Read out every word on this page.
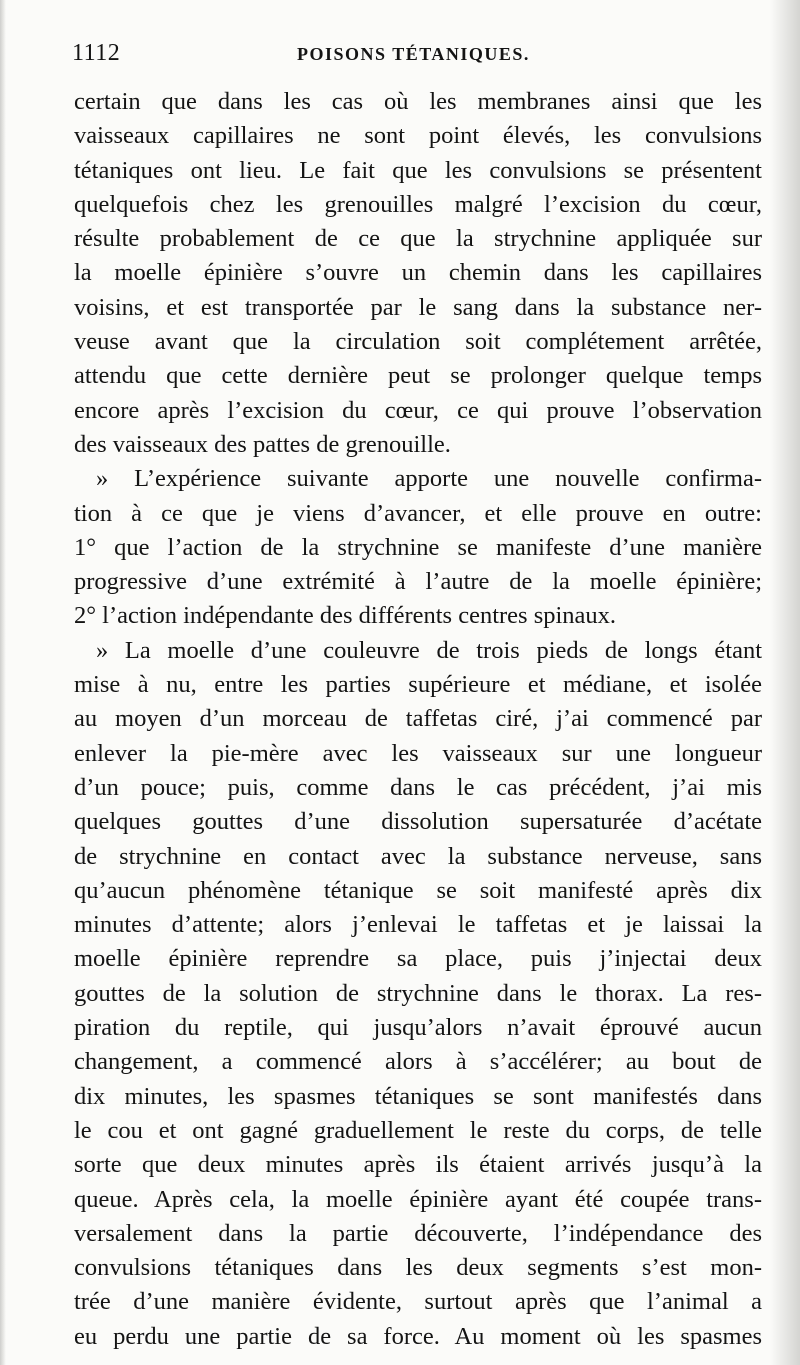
1112	POISONS TÉTANIQUES.
certain que dans les cas où les membranes ainsi que les
vaisseaux capillaires ne sont point élevés, les convulsions
tétaniques ont lieu. Le fait que les convulsions se présentent
quelquefois chez les grenouilles malgré l’excision du cœur,
résulte probablement de ce que la strychnine appliquée sur
la moelle épinière s’ouvre un chemin dans les capillaires
voisins, et est transportée par le sang dans la substance ner-
veuse avant que la circulation soit complétement arrêtée,
attendu que cette dernière peut se prolonger quelque temps
encore après l’excision du cœur, ce qui prouve l’observation
des vaisseaux des pattes de grenouille.
» L’expérience suivante apporte une nouvelle confirma-
tion à ce que je viens d’avancer, et elle prouve en outre:
1° que l’action de la strychnine se manifeste d’une manière
progressive d’une extrémité à l’autre de la moelle épinière;
2° l’action indépendante des différents centres spinaux.
» La moelle d’une couleuvre de trois pieds de longs étant
mise à nu, entre les parties supérieure et médiane, et isolée
au moyen d’un morceau de taffetas ciré, j’ai commencé par
enlever la pie-mère avec les vaisseaux sur une longueur
d’un pouce; puis, comme dans le cas précédent, j’ai mis
quelques gouttes d’une dissolution supersaturée d’acétate
de strychnine en contact avec la substance nerveuse, sans
qu’aucun phénomène tétanique se soit manifesté après dix
minutes d’attente; alors j’enlevai le taffetas et je laissai la
moelle épinière reprendre sa place, puis j’injectai deux
gouttes de la solution de strychnine dans le thorax. La res-
piration du reptile, qui jusqu’alors n’avait éprouvé aucun
changement, a commencé alors à s’accélérer; au bout de
dix minutes, les spasmes tétaniques se sont manifestés dans
le cou et ont gagné graduellement le reste du corps, de telle
sorte que deux minutes après ils étaient arrivés jusqu’à la
queue. Après cela, la moelle épinière ayant été coupée trans-
versalement dans la partie découverte, l’indépendance des
convulsions tétaniques dans les deux segments s’est mon-
trée d’une manière évidente, surtout après que l’animal a
eu perdu une partie de sa force. Au moment où les spasmes
